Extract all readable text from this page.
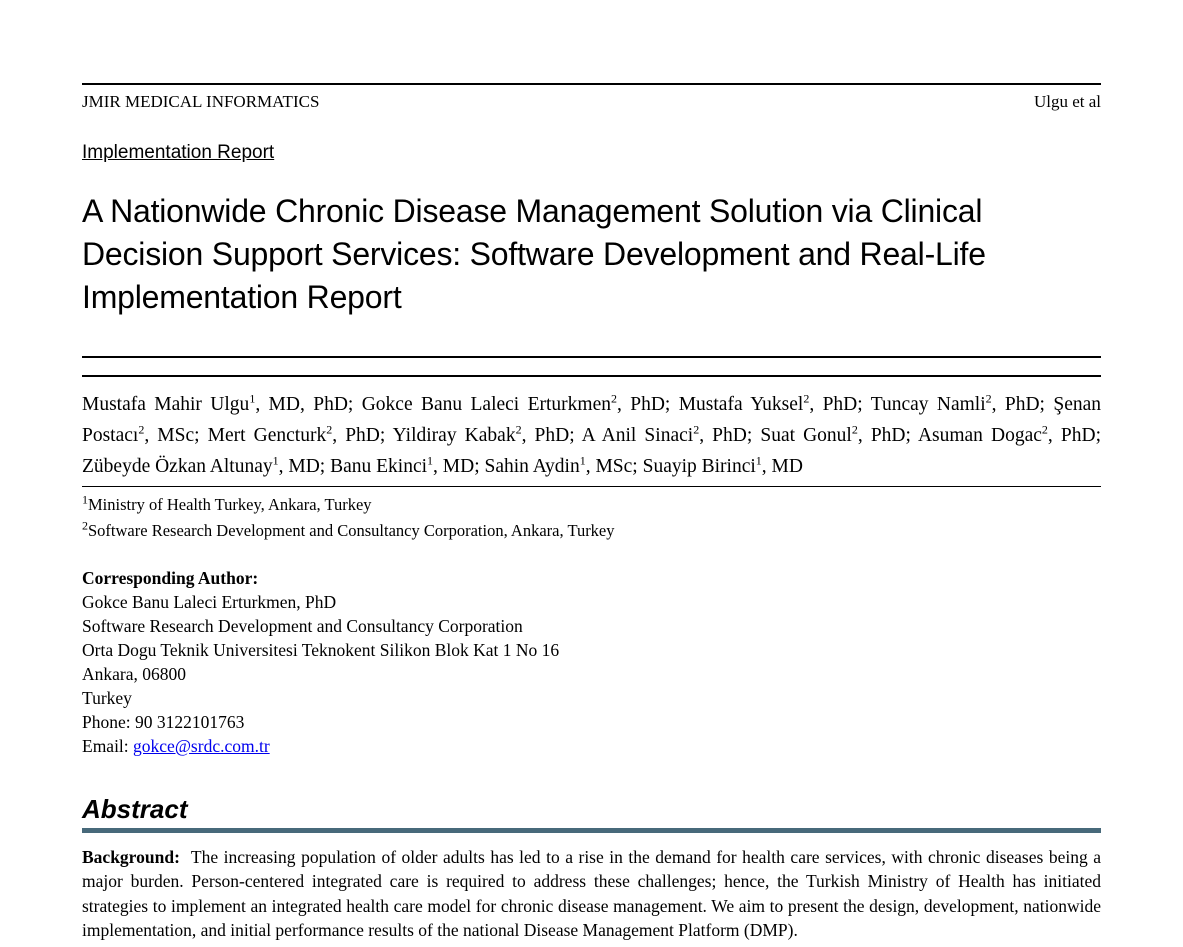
JMIR MEDICAL INFORMATICS	Ulgu et al
Implementation Report
A Nationwide Chronic Disease Management Solution via Clinical Decision Support Services: Software Development and Real-Life Implementation Report

Mustafa Mahir Ulgu$^1$, MD, PhD; Gokce Banu Laleci Erturkmen$^2$, PhD; Mustafa Yuksel$^2$, PhD; Tuncay Namli$^2$, PhD; Şenan Postacı$^2$, MSc; Mert Gencturk$^2$, PhD; Yildiray Kabak$^2$, PhD; A Anil Sinaci$^2$, PhD; Suat Gonul$^2$, PhD; Asuman Dogac$^2$, PhD; Zübeyde Özkan Altunay$^1$, MD; Banu Ekinci$^1$, MD; Sahin Aydin$^1$, MSc; Suayip Birinci$^1$, MD

$^1$Ministry of Health Turkey, Ankara, Turkey
$^2$Software Research Development and Consultancy Corporation, Ankara, Turkey
Corresponding Author:
Gokce Banu Laleci Erturkmen, PhD
Software Research Development and Consultancy Corporation
Orta Dogu Teknik Universitesi Teknokent Silikon Blok Kat 1 No 16
Ankara, 06800
Turkey
Phone: 90 3122101763
Email: gokce@srdc.com.tr
Abstract

Background: The increasing population of older adults has led to a rise in the demand for health care services, with chronic diseases being a major burden. Person-centered integrated care is required to address these challenges; hence, the Turkish Ministry of Health has initiated strategies to implement an integrated health care model for chronic disease management. We aim to present the design, development, nationwide implementation, and initial performance results of the national Disease Management Platform (DMP).
